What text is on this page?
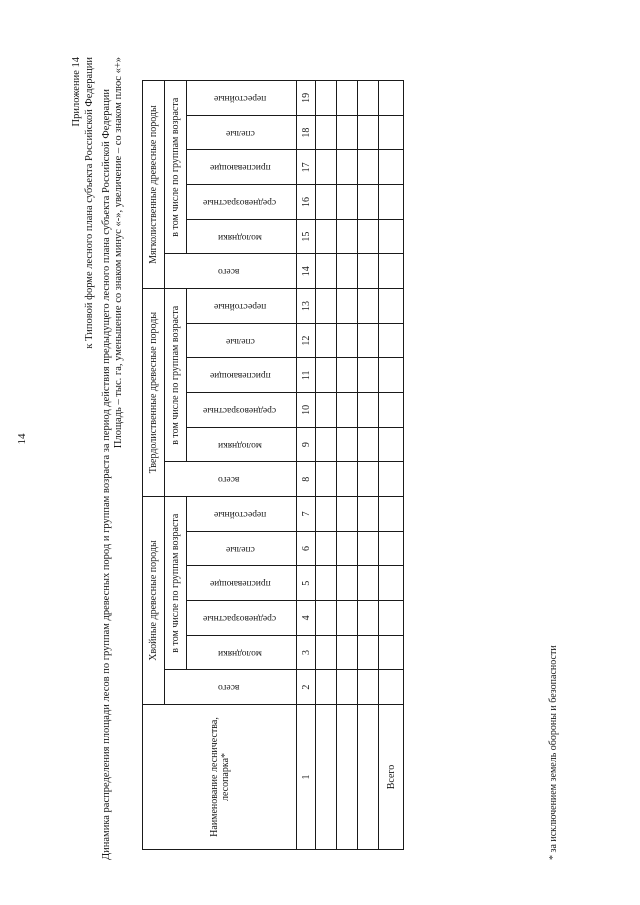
14
Приложение 14 к Типовой форме лесного плана субъекта Российской Федерации Динамика распределения площади лесов по группам древесных пород и группам возраста за период действия предыдущего лесного плана субъекта Российской Федерации Площадь – тыс. га, уменьшение со знаком минус «-», увеличение – со знаком плюс «+»
Наименование лесничества, лесопарка*	Хвойные древесные породы						Твердолиственные древесные породы						Мягколиственные древесные породы					
	всего	в том числе по группам возраста					всего	в том числе по группам возраста					всего	в том числе по группам возраста				
		молодняки	средневозрастные	приспевающие	спелые	перестойные		молодняки	средневозрастные	приспевающие	спелые	перестойные		молодняки	средневозрастные	приспевающие	спелые	перестойные
1	2	3	4	5	6	7	8	9	10	11	12	13	14	15	16	17	18	19

Всего																			* за исключением земель обороны и безопасности
